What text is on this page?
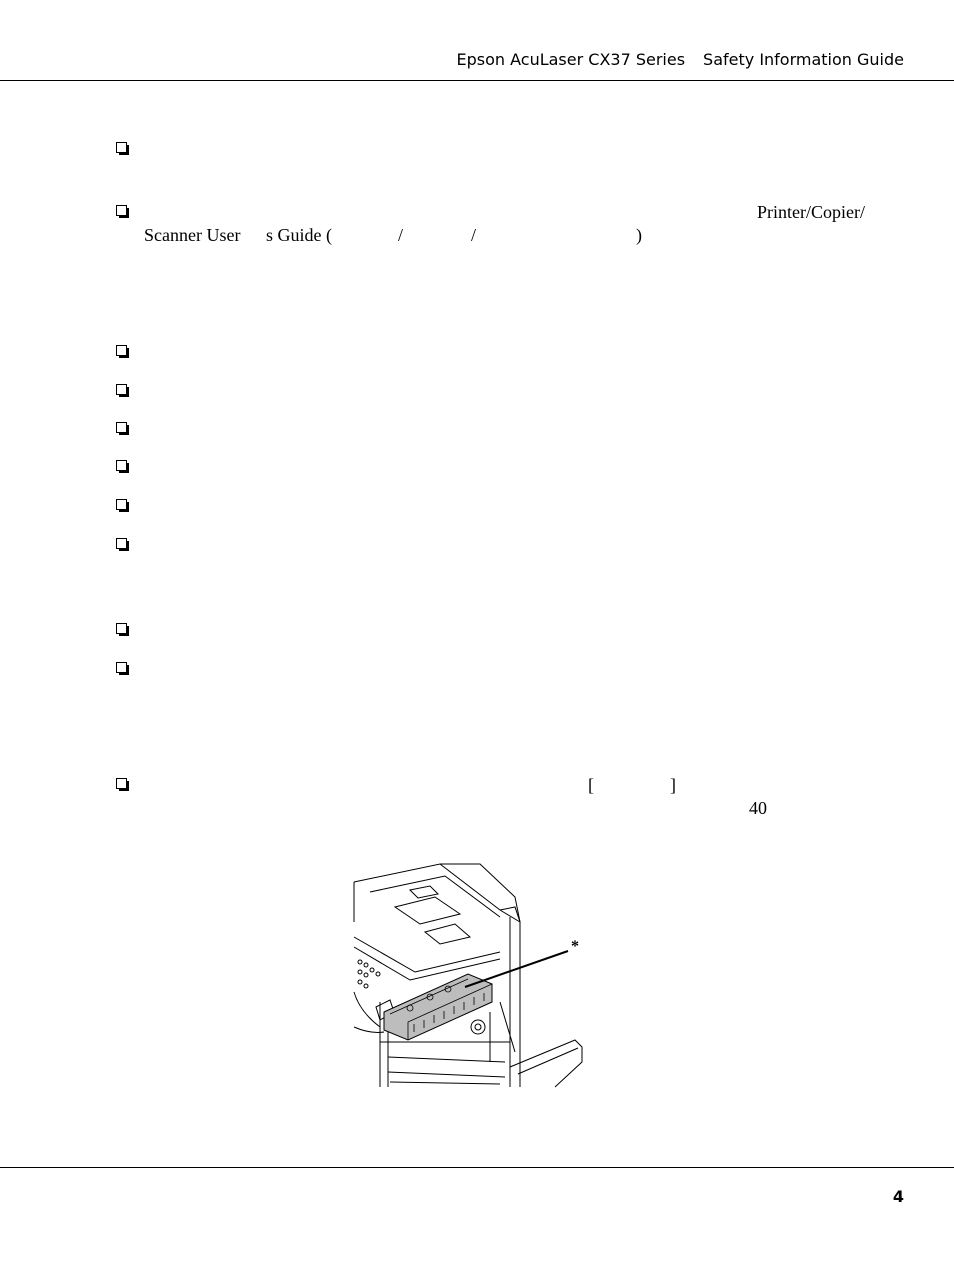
Epson AcuLaser CX37 Series Safety Information Guide
Printer/Copier/
Scanner User s Guide (	/	/	)
[	]
40
*
4
